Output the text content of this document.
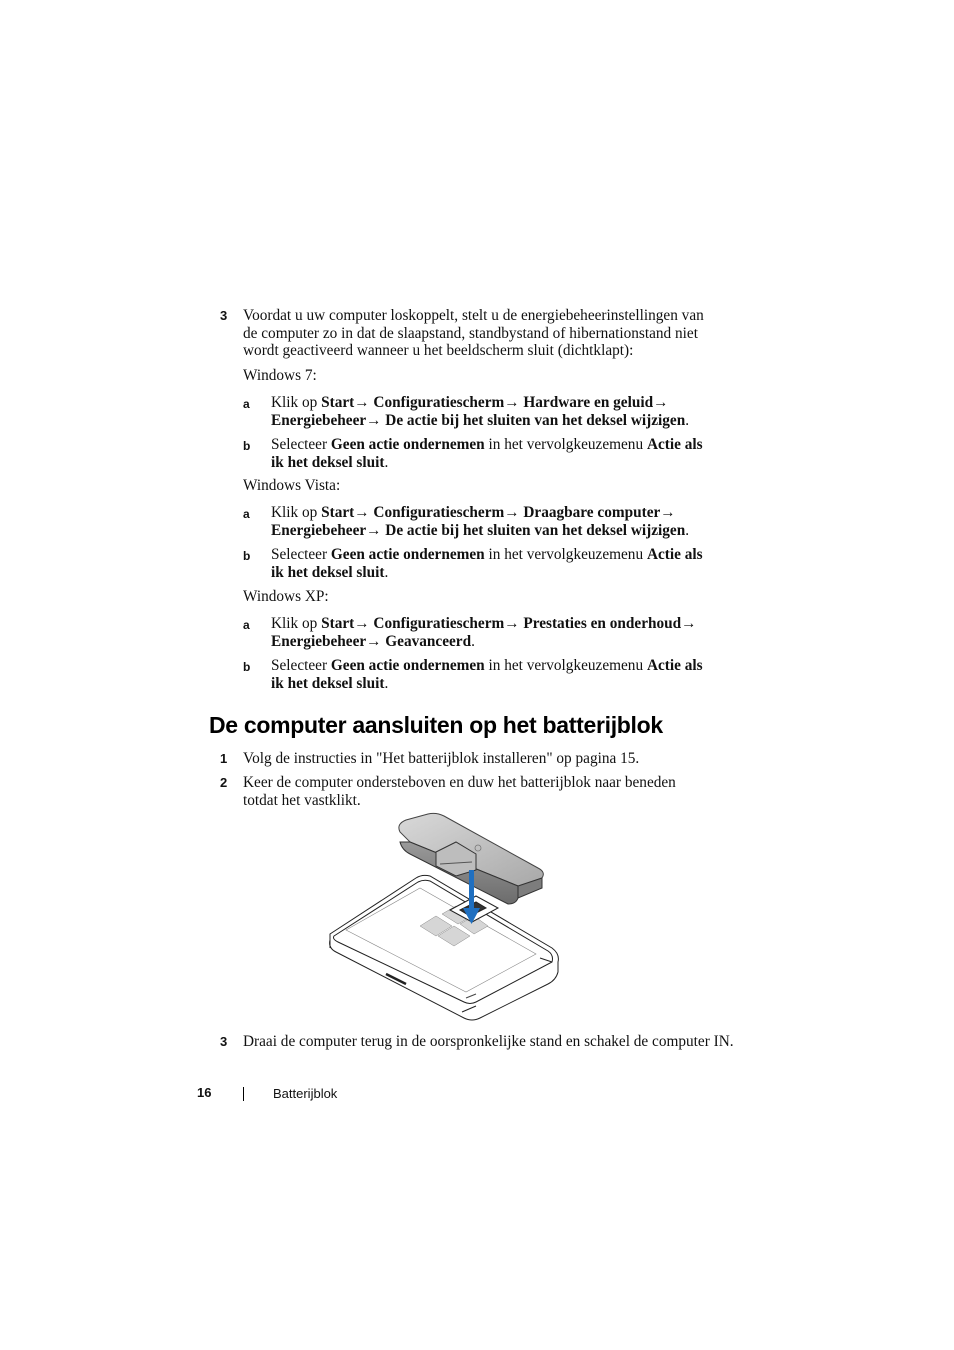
3 Voordat u uw computer loskoppelt, stelt u de energiebeheerinstellingen van
de computer zo in dat de slaapstand, standbystand of hibernationstand niet
wordt geactiveerd wanneer u het beeldscherm sluit (dichtklapt):
Windows 7:
a Klik op Start→ Configuratiescherm→ Hardware en geluid→
Energiebeheer→ De actie bij het sluiten van het deksel wijzigen.
b Selecteer Geen actie ondernemen in het vervolgkeuzemenu Actie als
ik het deksel sluit.
Windows Vista:
a Klik op Start→ Configuratiescherm→ Draagbare computer→
Energiebeheer→ De actie bij het sluiten van het deksel wijzigen.
b Selecteer Geen actie ondernemen in het vervolgkeuzemenu Actie als
ik het deksel sluit.
Windows XP:
a Klik op Start→ Configuratiescherm→ Prestaties en onderhoud→
Energiebeheer→ Geavanceerd.
b Selecteer Geen actie ondernemen in het vervolgkeuzemenu Actie als
ik het deksel sluit.
De computer aansluiten op het batterijblok
1 Volg de instructies in "Het batterijblok installeren" op pagina 15.
2 Keer de computer ondersteboven en duw het batterijblok naar beneden
totdat het vastklikt.
3 Draai de computer terug in de oorspronkelijke stand en schakel de computer IN.
16	Batterijblok
